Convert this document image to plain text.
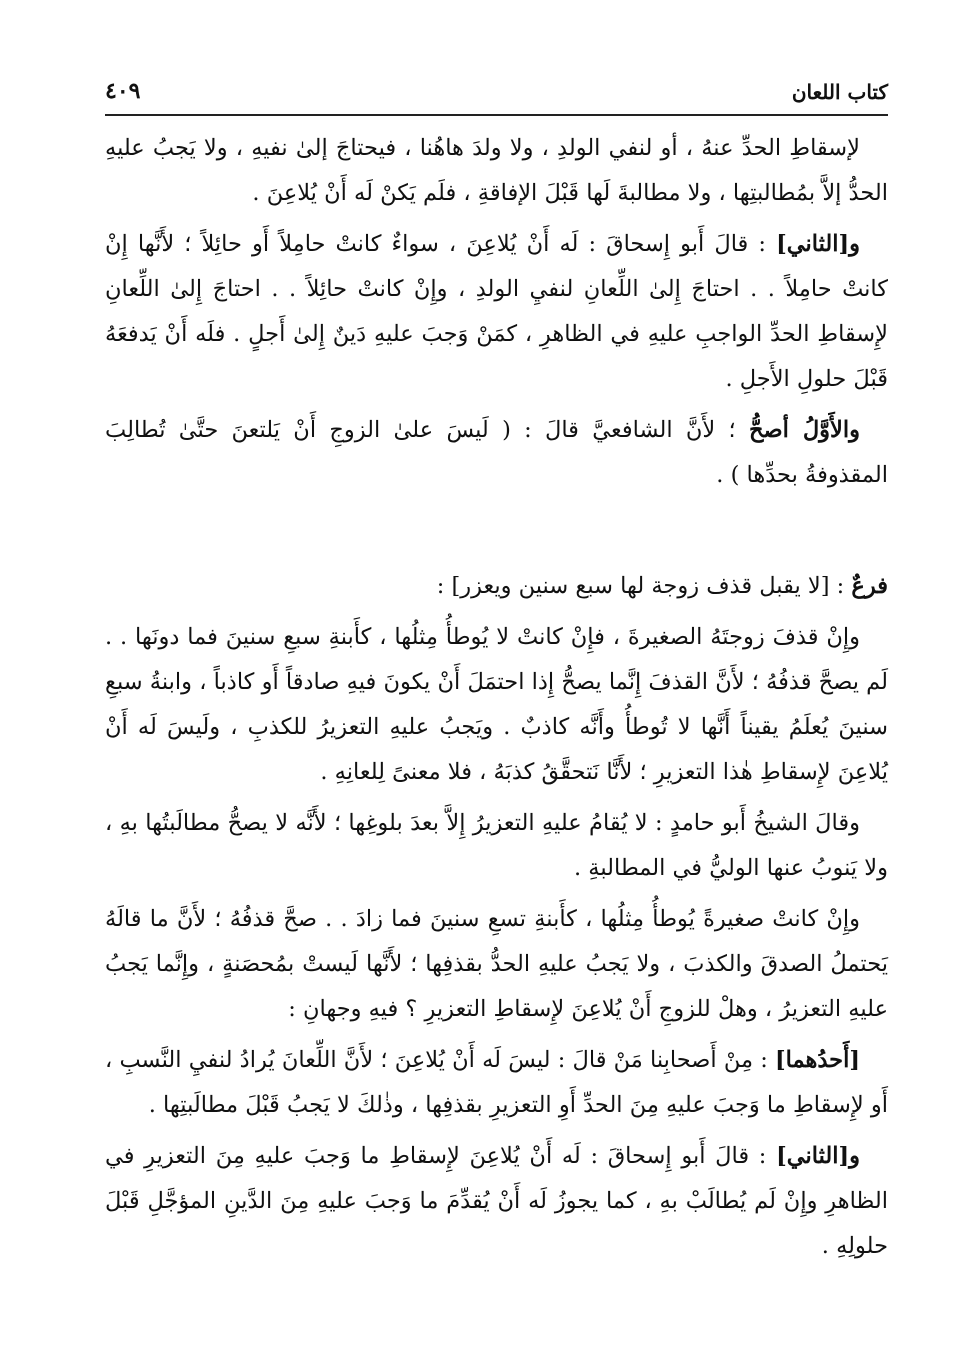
كتاب اللعان
٤٠٩

لإسقاطِ الحدِّ عنهُ ، أو لنفي الولدِ ، ولا ولدَ هاهُنا ، فيحتاجَ إلىٰ نفيهِ ، ولا يَجبُ عليهِ الحدُّ إلاَّ بمُطالبتِها ، ولا مطالبةَ لَها قَبْلَ الإفاقةِ ، فلَم يَكنْ لَه أَنْ يُلاعِنَ .

و[الثاني] : قالَ أَبو إِسحاقَ : لَه أَنْ يُلاعِنَ ، سواءٌ كانتْ حامِلاً أَو حائِلاً ؛ لأَنَّها إِنْ كانتْ حامِلاً . . احتاجَ إِلىٰ اللِّعانِ لنفيِ الولدِ ، وإِنْ كانتْ حائِلاً . . احتاجَ إِلىٰ اللِّعانِ لإِسقاطِ الحدِّ الواجبِ عليهِ في الظاهرِ ، كمَنْ وَجبَ عليهِ دَينٌ إِلىٰ أَجلٍ . فلَه أَنْ يَدفعَهُ قَبْلَ حلولِ الأَجلِ .

والأَوَّلُ أصحُّ ؛ لأَنَّ الشافعيَّ قالَ : ( لَيسَ علىٰ الزوجِ أَنْ يَلتعنَ حتَّىٰ تُطالِبَ المقذوفةُ بحدِّها ) .

فرعٌ : [لا يقبل قذف زوجة لها سبع سنين ويعزر] :

وإِنْ قذفَ زوجتَهُ الصغيرةَ ، فإِنْ كانتْ لا يُوطأُ مِثلُها ، كأَبنةِ سبعِ سنينَ فما دونَها . . لَم يصحَّ قذفُهُ ؛ لأَنَّ القذفَ إِنَّما يصحُّ إِذا احتمَلَ أَنْ يكونَ فيهِ صادقاً أَو كاذباً ، وابنةُ سبعِ سنينَ يُعلَمُ يقيناً أَنَّها لا تُوطأُ وأَنَّه كاذبٌ . ويَجبُ عليهِ التعزيرُ للكذبِ ، ولَيسَ لَه أَنْ يُلاعِنَ لإِسقاطِ هٰذا التعزيرِ ؛ لأَنَّا نَتحقَّقُ كذبَهُ ، فلا معنىً لِلعانِهِ .

وقالَ الشيخُ أَبو حامدٍ : لا يُقامُ عليهِ التعزيرُ إِلاَّ بعدَ بلوغِها ؛ لأَنَّه لا يصحُّ مطالَبتُها بهِ ، ولا يَنوبُ عنها الوليُّ في المطالبةِ .

وإِنْ كانتْ صغيرةً يُوطأُ مِثلُها ، كأَبنةِ تسعِ سنينَ فما زادَ . . صحَّ قذفُهُ ؛ لأَنَّ ما قالَهُ يَحتملُ الصدقَ والكذبَ ، ولا يَجبُ عليهِ الحدُّ بقذفِها ؛ لأَنَّها لَيستْ بمُحصَنةٍ ، وإِنَّما يَجبُ عليهِ التعزيرُ ، وهلْ للزوجِ أَنْ يُلاعِنَ لإِسقاطِ التعزيرِ ؟ فيهِ وجهانِ :

[أَحدُهما] : مِنْ أَصحابِنا مَنْ قالَ : ليسَ لَه أَنْ يُلاعِنَ ؛ لأَنَّ اللِّعانَ يُرادُ لنفيِ النَّسبِ ، أَو لإِسقاطِ ما وَجبَ عليهِ مِنَ الحدِّ أَوِ التعزيرِ بقذفِها ، وذٰلكَ لا يَجبُ قَبْلَ مطالَبتِها .

و[الثاني] : قالَ أَبو إِسحاقَ : لَه أَنْ يُلاعِنَ لإِسقاطِ ما وَجبَ عليهِ مِنَ التعزيرِ في الظاهرِ وإِنْ لَم يُطالَبْ بهِ ، كما يجوزُ لَه أَنْ يُقدِّمَ ما وَجبَ عليهِ مِنَ الدَّينِ المؤجَّلِ قَبْلَ حلولِهِ .
